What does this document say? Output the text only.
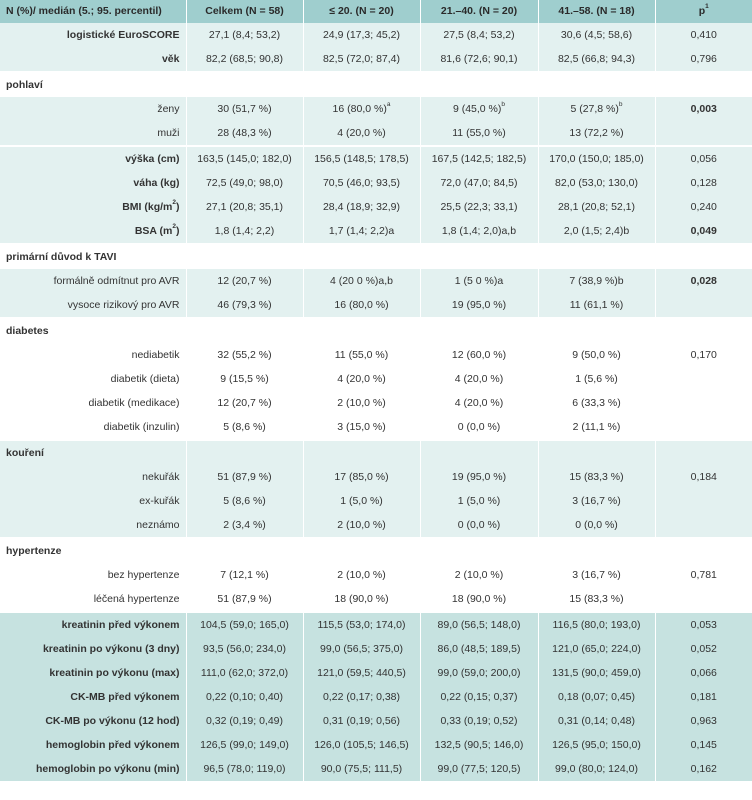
N (%)/ medián (5.; 95. percentil)	Celkem (N = 58)	≤ 20. (N = 20)	21.–40. (N = 20)	41.–58. (N = 18)	$p^1$
logistické EuroSCORE	27,1 (8,4; 53,2)	24,9 (17,3; 45,2)	27,5 (8,4; 53,2)	30,6 (4,5; 58,6)	0,410
věk	82,2 (68,5; 90,8)	82,5 (72,0; 87,4)	81,6 (72,6; 90,1)	82,5 (66,8; 94,3)	0,796
pohlaví					
ženy	30 (51,7 %)	16 (80,0 %)$^a$	9 (45,0 %)$^b$	5 (27,8 %)$^b$	0,003
muži	28 (48,3 %)	4 (20,0 %)	11 (55,0 %)	13 (72,2 %)	
výška (cm)	163,5 (145,0; 182,0)	156,5 (148,5; 178,5)	167,5 (142,5; 182,5)	170,0 (150,0; 185,0)	0,056
váha (kg)	72,5 (49,0; 98,0)	70,5 (46,0; 93,5)	72,0 (47,0; 84,5)	82,0 (53,0; 130,0)	0,128
BMI $(kg/m^2)$	27,1 (20,8; 35,1)	28,4 (18,9; 32,9)	25,5 (22,3; 33,1)	28,1 (20,8; 52,1)	0,240
BSA $(m^2)$	1,8 (1,4; 2,2)	1,7 (1,4; 2,2)a	1,8 (1,4; 2,0)a,b	2,0 (1,5; 2,4)b	0,049
primární důvod k TAVI					
formálně odmítnut pro AVR	12 (20,7 %)	4 (20 0 %)a,b	1 (5 0 %)a	7 (38,9 %)b	0,028
vysoce rizikový pro AVR	46 (79,3 %)	16 (80,0 %)	19 (95,0 %)	11 (61,1 %)	
diabetes					
nediabetik	32 (55,2 %)	11 (55,0 %)	12 (60,0 %)	9 (50,0 %)	0,170
diabetik (dieta)	9 (15,5 %)	4 (20,0 %)	4 (20,0 %)	1 (5,6 %)	
diabetik (medikace)	12 (20,7 %)	2 (10,0 %)	4 (20,0 %)	6 (33,3 %)	
diabetik (inzulin)	5 (8,6 %)	3 (15,0 %)	0 (0,0 %)	2 (11,1 %)	
kouření					
nekuřák	51 (87,9 %)	17 (85,0 %)	19 (95,0 %)	15 (83,3 %)	0,184
ex-kuřák	5 (8,6 %)	1 (5,0 %)	1 (5,0 %)	3 (16,7 %)	
neznámo	2 (3,4 %)	2 (10,0 %)	0 (0,0 %)	0 (0,0 %)	
hypertenze					
bez hypertenze	7 (12,1 %)	2 (10,0 %)	2 (10,0 %)	3 (16,7 %)	0,781
léčená hypertenze	51 (87,9 %)	18 (90,0 %)	18 (90,0 %)	15 (83,3 %)	
kreatinin před výkonem	104,5 (59,0; 165,0)	115,5 (53,0; 174,0)	89,0 (56,5; 148,0)	116,5 (80,0; 193,0)	0,053
kreatinin po výkonu (3 dny)	93,5 (56,0; 234,0)	99,0 (56,5; 375,0)	86,0 (48,5; 189,5)	121,0 (65,0; 224,0)	0,052
kreatinin po výkonu (max)	111,0 (62,0; 372,0)	121,0 (59,5; 440,5)	99,0 (59,0; 200,0)	131,5 (90,0; 459,0)	0,066
CK-MB před výkonem	0,22 (0,10; 0,40)	0,22 (0,17; 0,38)	0,22 (0,15; 0,37)	0,18 (0,07; 0,45)	0,181
CK-MB po výkonu (12 hod)	0,32 (0,19; 0,49)	0,31 (0,19; 0,56)	0,33 (0,19; 0,52)	0,31 (0,14; 0,48)	0,963
hemoglobin před výkonem	126,5 (99,0; 149,0)	126,0 (105,5; 146,5)	132,5 (90,5; 146,0)	126,5 (95,0; 150,0)	0,145
hemoglobin po výkonu (min)	96,5 (78,0; 119,0)	90,0 (75,5; 111,5)	99,0 (77,5; 120,5)	99,0 (80,0; 124,0)	0,162
